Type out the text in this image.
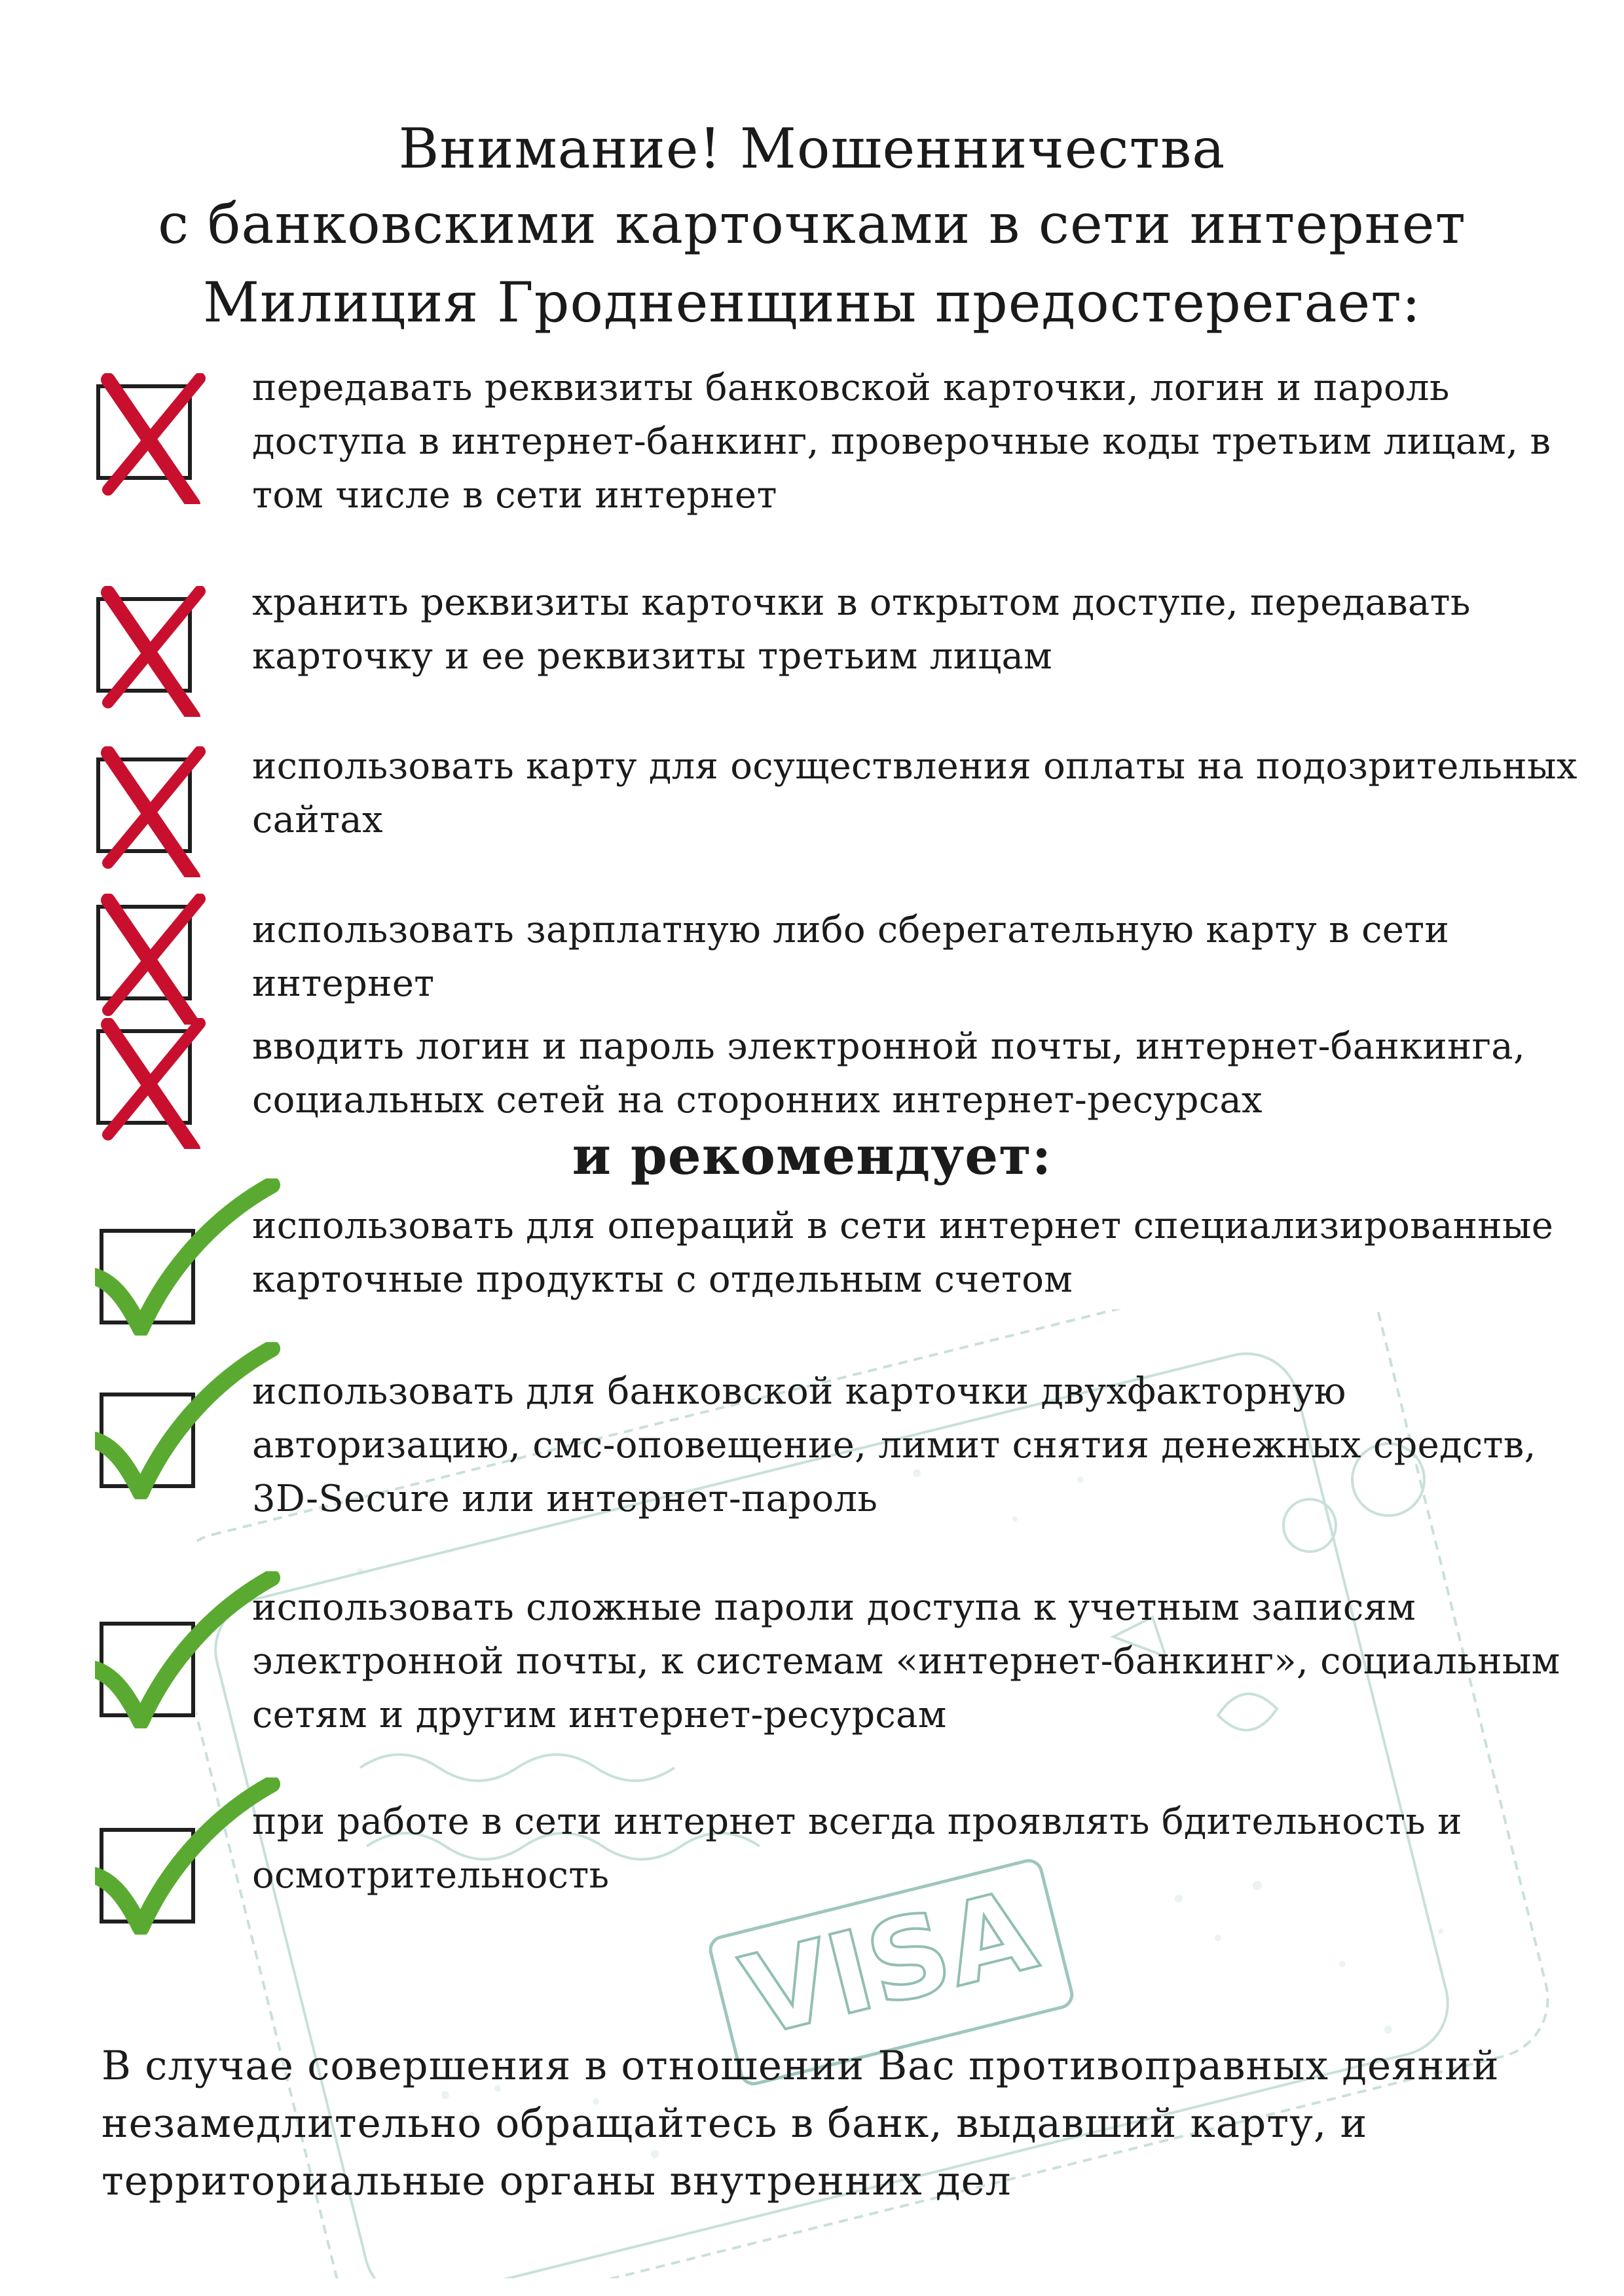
VISA
Внимание! Мошенничества
с банковскими карточками в сети интернет
Милиция Гродненщины предостерегает:
передавать реквизиты банковской карточки, логин и пароль доступа в интернет-банкинг, проверочные коды третьим лицам, в том числе в сети интернет
хранить реквизиты карточки в открытом доступе, передавать карточку и ее реквизиты третьим лицам
использовать карту для осуществления оплаты на подозрительных сайтах
использовать зарплатную либо сберегательную карту в сети интернет
вводить логин и пароль электронной почты, интернет-банкинга, социальных сетей на сторонних интернет-ресурсах
и рекомендует:
использовать для операций в сети интернет специализированные карточные продукты с отдельным счетом
использовать для банковской карточки двухфакторную авторизацию, смс-оповещение, лимит снятия денежных средств, 3D-Secure или интернет-пароль
использовать сложные пароли доступа к учетным записям электронной почты, к системам «интернет-банкинг», социальным сетям и другим интернет-ресурсам
при работе в сети интернет всегда проявлять бдительность и осмотрительность
В случае совершения в отношении Вас противоправных деяний незамедлительно обращайтесь в банк, выдавший карту, и территориальные органы внутренних дел
